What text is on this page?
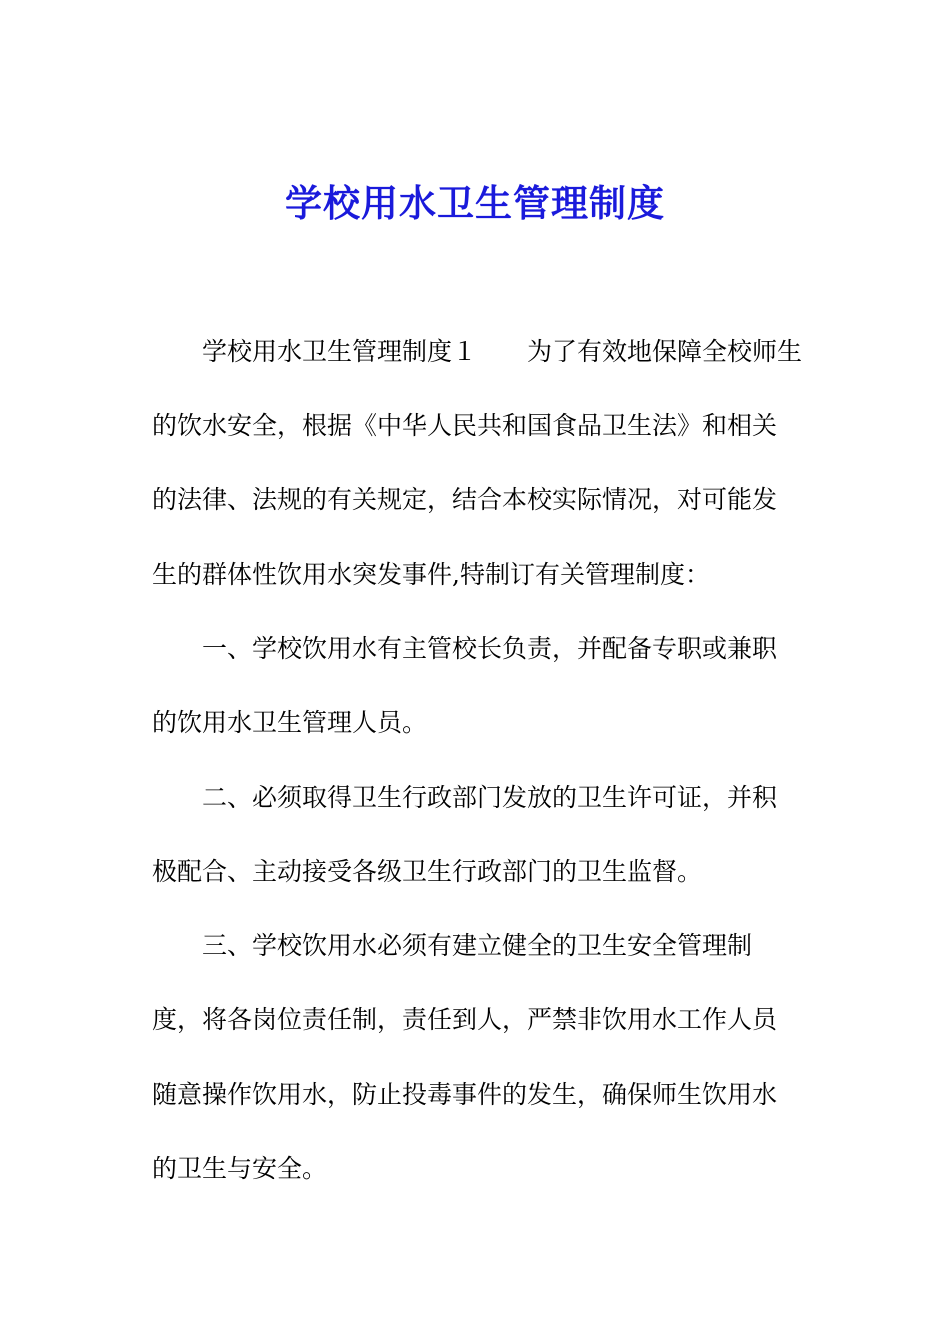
学校用水卫生管理制度

学校用水卫生管理制度１　　为了有效地保障全校师生

的饮水安全，根据《中华人民共和国食品卫生法》和相关

的法律、法规的有关规定，结合本校实际情况，对可能发

生的群体性饮用水突发事件,特制订有关管理制度：

一、学校饮用水有主管校长负责，并配备专职或兼职

的饮用水卫生管理人员。

二、必须取得卫生行政部门发放的卫生许可证，并积

极配合、主动接受各级卫生行政部门的卫生监督。

三、学校饮用水必须有建立健全的卫生安全管理制

度，将各岗位责任制，责任到人，严禁非饮用水工作人员

随意操作饮用水，防止投毒事件的发生，确保师生饮用水

的卫生与安全。
